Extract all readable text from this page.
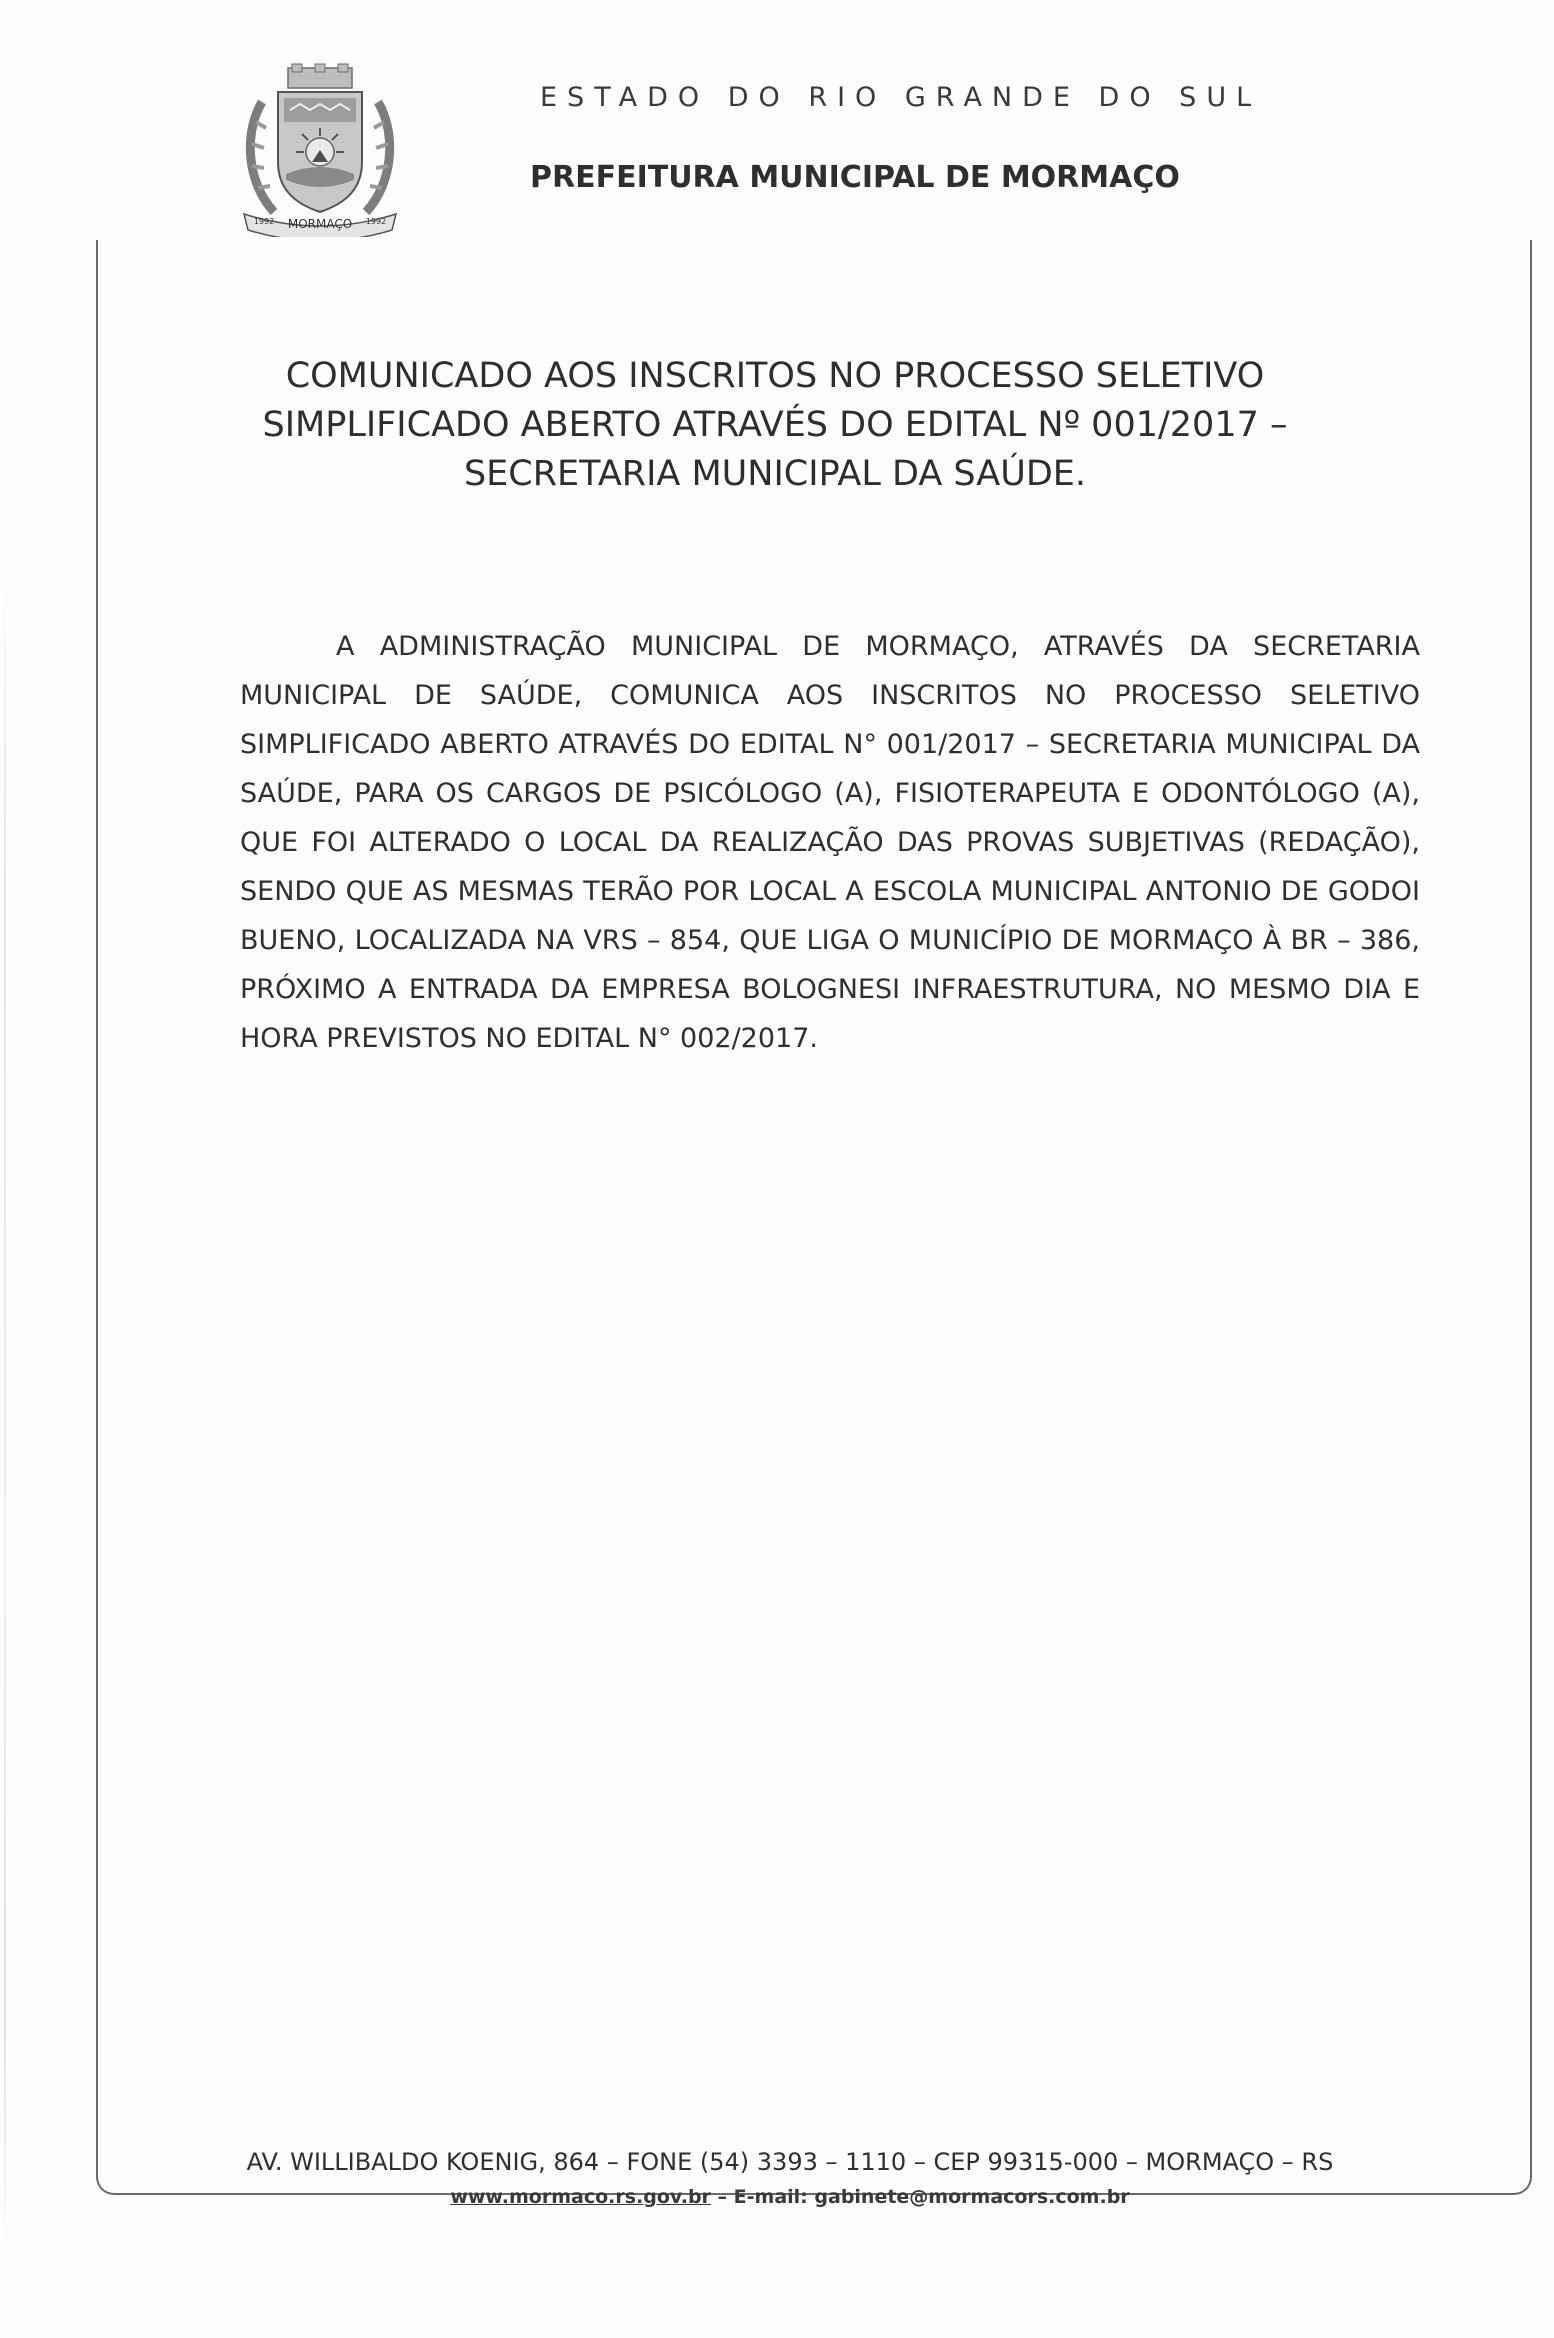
MORMAÇO
1992	1992
ESTADO DO RIO GRANDE DO SUL
PREFEITURA MUNICIPAL DE MORMAÇO
COMUNICADO AOS INSCRITOS NO PROCESSO SELETIVO
SIMPLIFICADO ABERTO ATRAVÉS DO EDITAL Nº 001/2017 –
SECRETARIA MUNICIPAL DA SAÚDE.

A ADMINISTRAÇÃO MUNICIPAL DE MORMAÇO, ATRAVÉS DA SECRETARIA MUNICIPAL DE SAÚDE, COMUNICA AOS INSCRITOS NO PROCESSO SELETIVO SIMPLIFICADO ABERTO ATRAVÉS DO EDITAL N° 001/2017 – SECRETARIA MUNICIPAL DA SAÚDE, PARA OS CARGOS DE PSICÓLOGO (A), FISIOTERAPEUTA E ODONTÓLOGO (A), QUE FOI ALTERADO O LOCAL DA REALIZAÇÃO DAS PROVAS SUBJETIVAS (REDAÇÃO), SENDO QUE AS MESMAS TERÃO POR LOCAL A ESCOLA MUNICIPAL ANTONIO DE GODOI BUENO, LOCALIZADA NA VRS – 854, QUE LIGA O MUNICÍPIO DE MORMAÇO À BR – 386, PRÓXIMO A ENTRADA DA EMPRESA BOLOGNESI INFRAESTRUTURA, NO MESMO DIA E HORA PREVISTOS NO EDITAL N° 002/2017.

AV. WILLIBALDO KOENIG, 864 – FONE (54) 3393 – 1110 – CEP 99315-000 – MORMAÇO – RS
www.mormaco.rs.gov.br – E-mail: gabinete@mormacors.com.br
